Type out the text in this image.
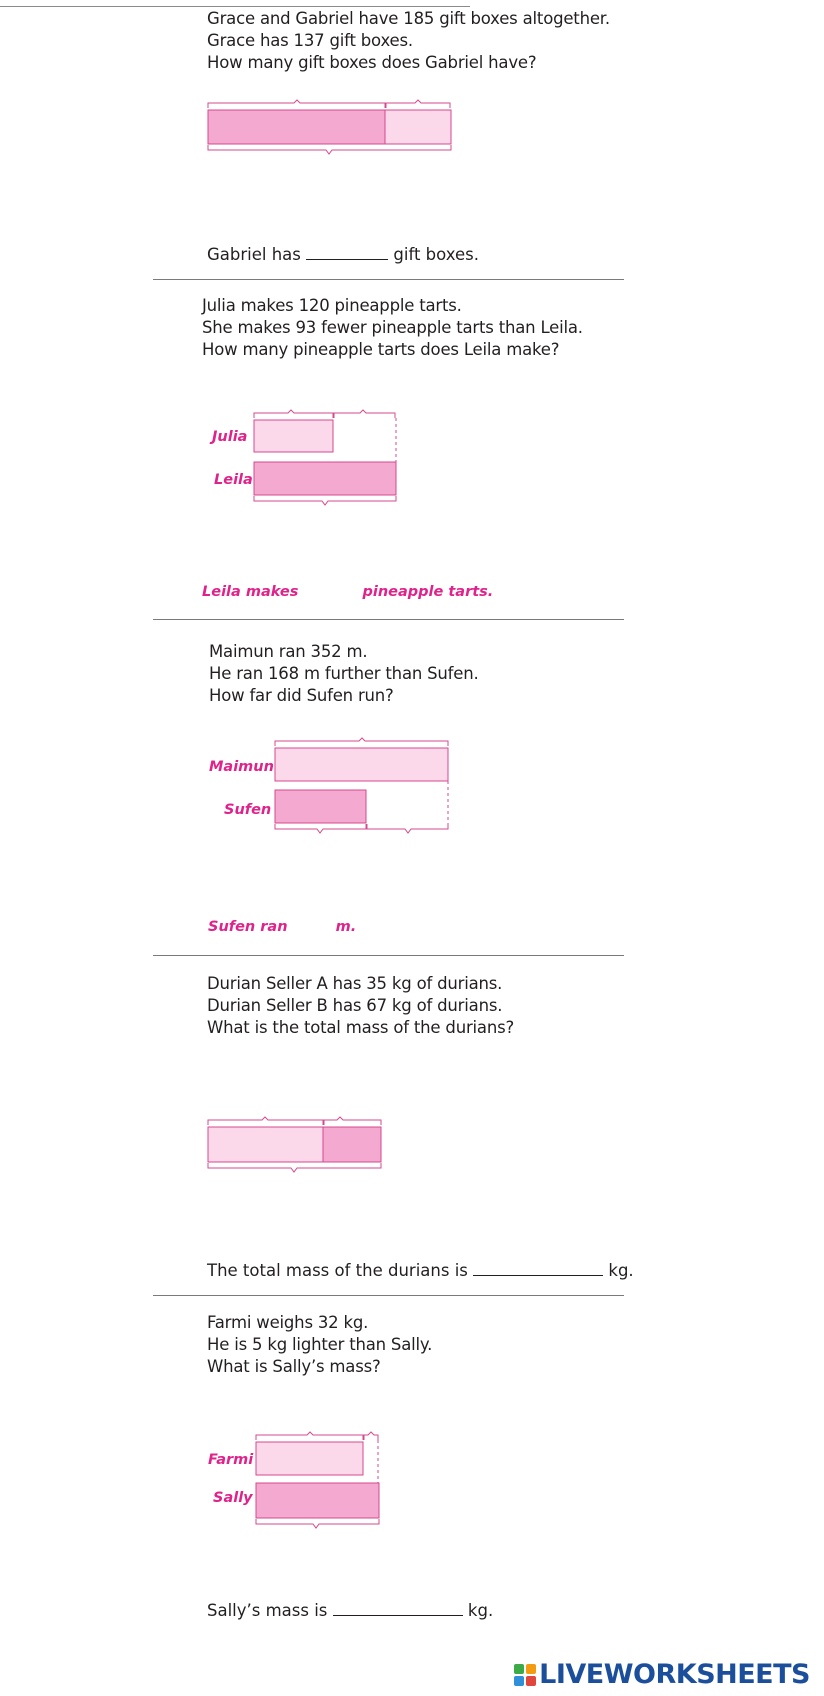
Grace and Gabriel have 185 gift boxes altogether.
Grace has 137 gift boxes.
How many gift boxes does Gabriel have?
Gabriel has	gift boxes.
Julia makes 120 pineapple tarts.
She makes 93 fewer pineapple tarts than Leila.
How many pineapple tarts does Leila make?
Julia
Leila
Leila makes	pineapple tarts.
Maimun ran 352 m.
He ran 168 m further than Sufen.
How far did Sufen run?
Maimun
Sufen
Sufen ran	m.
Durian Seller A has 35 kg of durians.
Durian Seller B has 67 kg of durians.
What is the total mass of the durians?
The total mass of the durians is	kg.
Farmi weighs 32 kg.
He is 5 kg lighter than Sally.
What is Sally’s mass?
Farmi
Sally
Sally’s mass is	kg.
LIVEWORKSHEETS
